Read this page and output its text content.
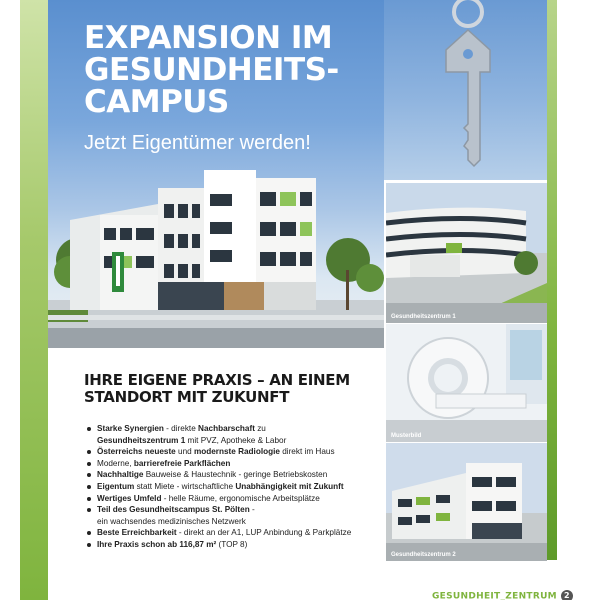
EXPANSION IM
GESUNDHEITS-
CAMPUS
Jetzt Eigentümer werden!
Gesundheitszentrum 1
Musterbild
Gesundheitszentrum 2
IHRE EIGENE PRAXIS – AN EINEM
STANDORT MIT ZUKUNFT
Starke Synergien - direkte Nachbarschaft zu
Gesundheitszentrum 1 mit PVZ, Apotheke & Labor
Österreichs neueste und modernste Radiologie direkt im Haus
Moderne, barrierefreie Parkflächen
Nachhaltige Bauweise & Haustechnik - geringe Betriebskosten
Eigentum statt Miete - wirtschaftliche Unabhängigkeit mit Zukunft
Wertiges Umfeld - helle Räume, ergonomische Arbeitsplätze
Teil des Gesundheitscampus St. Pölten -
ein wachsendes medizinisches Netzwerk
Beste Erreichbarkeit - direkt an der A1, LUP Anbindung & Parkplätze
Ihre Praxis schon ab 116,87 m² (TOP 8)
GESUNDHEIT_ZENTRUM 2
